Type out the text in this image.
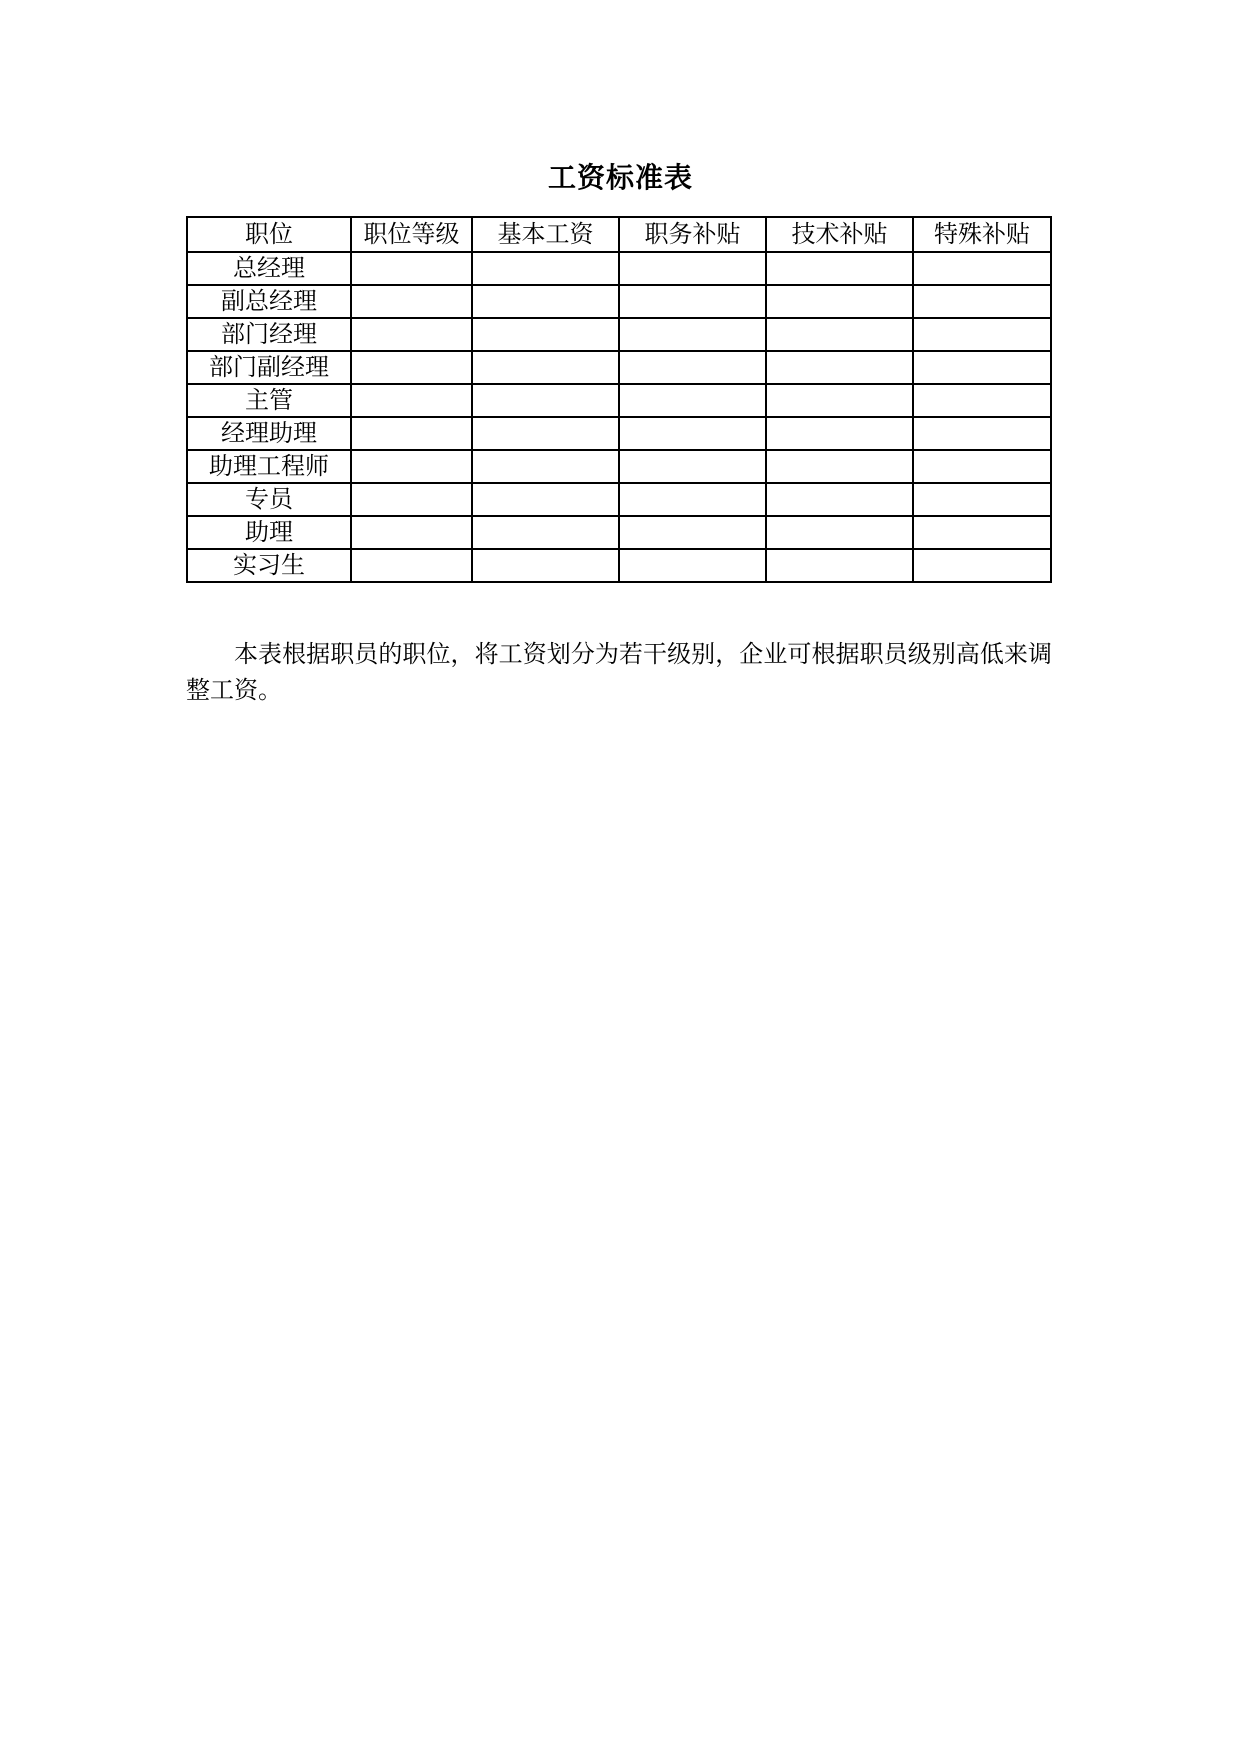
工资标准表
职位	职位等级	基本工资	职务补贴	技术补贴	特殊补贴
总经理					
副总经理					
部门经理					
部门副经理					
主管					
经理助理					
助理工程师					
专员					
助理					
实习生					

本表根据职员的职位，将工资划分为若干级别，企业可根据职员级别高低来调整工资。
